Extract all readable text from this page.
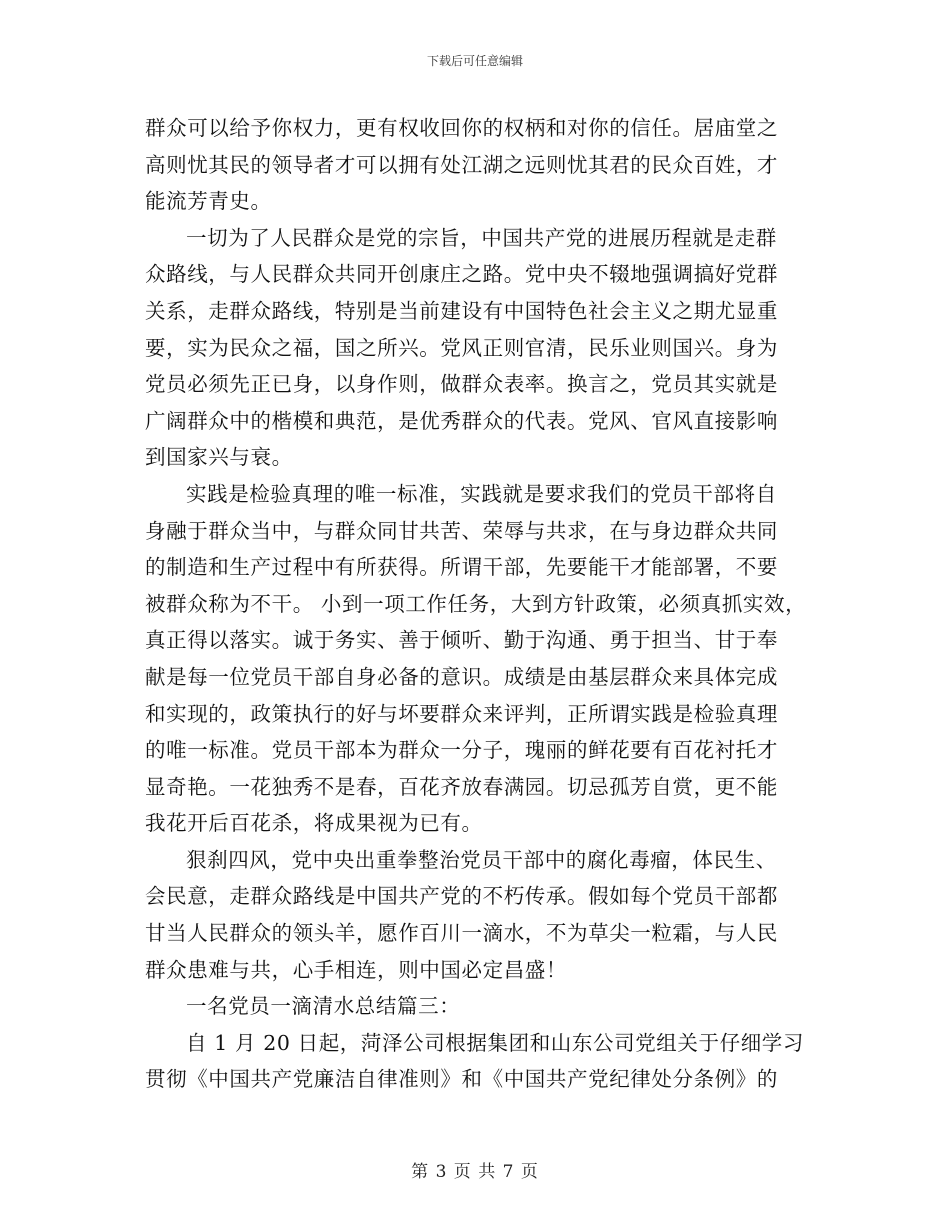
下载后可任意编辑
群众可以给予你权力，更有权收回你的权柄和对你的信任。居庙堂之
高则忧其民的领导者才可以拥有处江湖之远则忧其君的民众百姓，才
能流芳青史。
一切为了人民群众是党的宗旨，中国共产党的进展历程就是走群
众路线，与人民群众共同开创康庄之路。党中央不辍地强调搞好党群
关系，走群众路线，特别是当前建设有中国特色社会主义之期尤显重
要，实为民众之福，国之所兴。党风正则官清，民乐业则国兴。身为
党员必须先正已身，以身作则，做群众表率。换言之，党员其实就是
广阔群众中的楷模和典范，是优秀群众的代表。党风、官风直接影响
到国家兴与衰。
实践是检验真理的唯一标准，实践就是要求我们的党员干部将自
身融于群众当中，与群众同甘共苦、荣辱与共求，在与身边群众共同
的制造和生产过程中有所获得。所谓干部，先要能干才能部署，不要
被群众称为不干。 小到一项工作任务，大到方针政策，必须真抓实效，
真正得以落实。诚于务实、善于倾听、勤于沟通、勇于担当、甘于奉
献是每一位党员干部自身必备的意识。成绩是由基层群众来具体完成
和实现的，政策执行的好与坏要群众来评判，正所谓实践是检验真理
的唯一标准。党员干部本为群众一分子，瑰丽的鲜花要有百花衬托才
显奇艳。一花独秀不是春，百花齐放春满园。切忌孤芳自赏，更不能
我花开后百花杀，将成果视为已有。
狠刹四风，党中央出重拳整治党员干部中的腐化毒瘤，体民生、
会民意，走群众路线是中国共产党的不朽传承。假如每个党员干部都
甘当人民群众的领头羊，愿作百川一滴水，不为草尖一粒霜，与人民
群众患难与共，心手相连，则中国必定昌盛！
一名党员一滴清水总结篇三：
自 1 月 20 日起，菏泽公司根据集团和山东公司党组关于仔细学习
贯彻《中国共产党廉洁自律准则》和《中国共产党纪律处分条例》的
第 3 页 共 7 页
